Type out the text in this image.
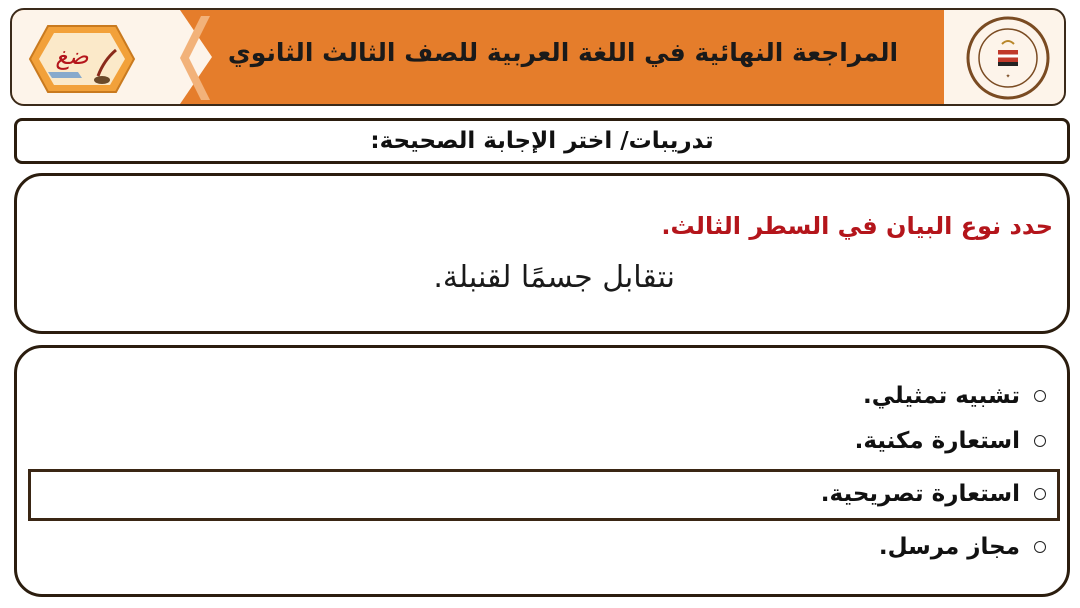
ضغ
✦
المراجعة النهائية في اللغة العربية للصف الثالث الثانوي
تدريبات/ اختر الإجابة الصحيحة:
حدد نوع البيان في السطر الثالث.
نتقابل جسمًا لقنبلة.
تشبيه تمثيلي.
استعارة مكنية.
استعارة تصريحية.
مجاز مرسل.
